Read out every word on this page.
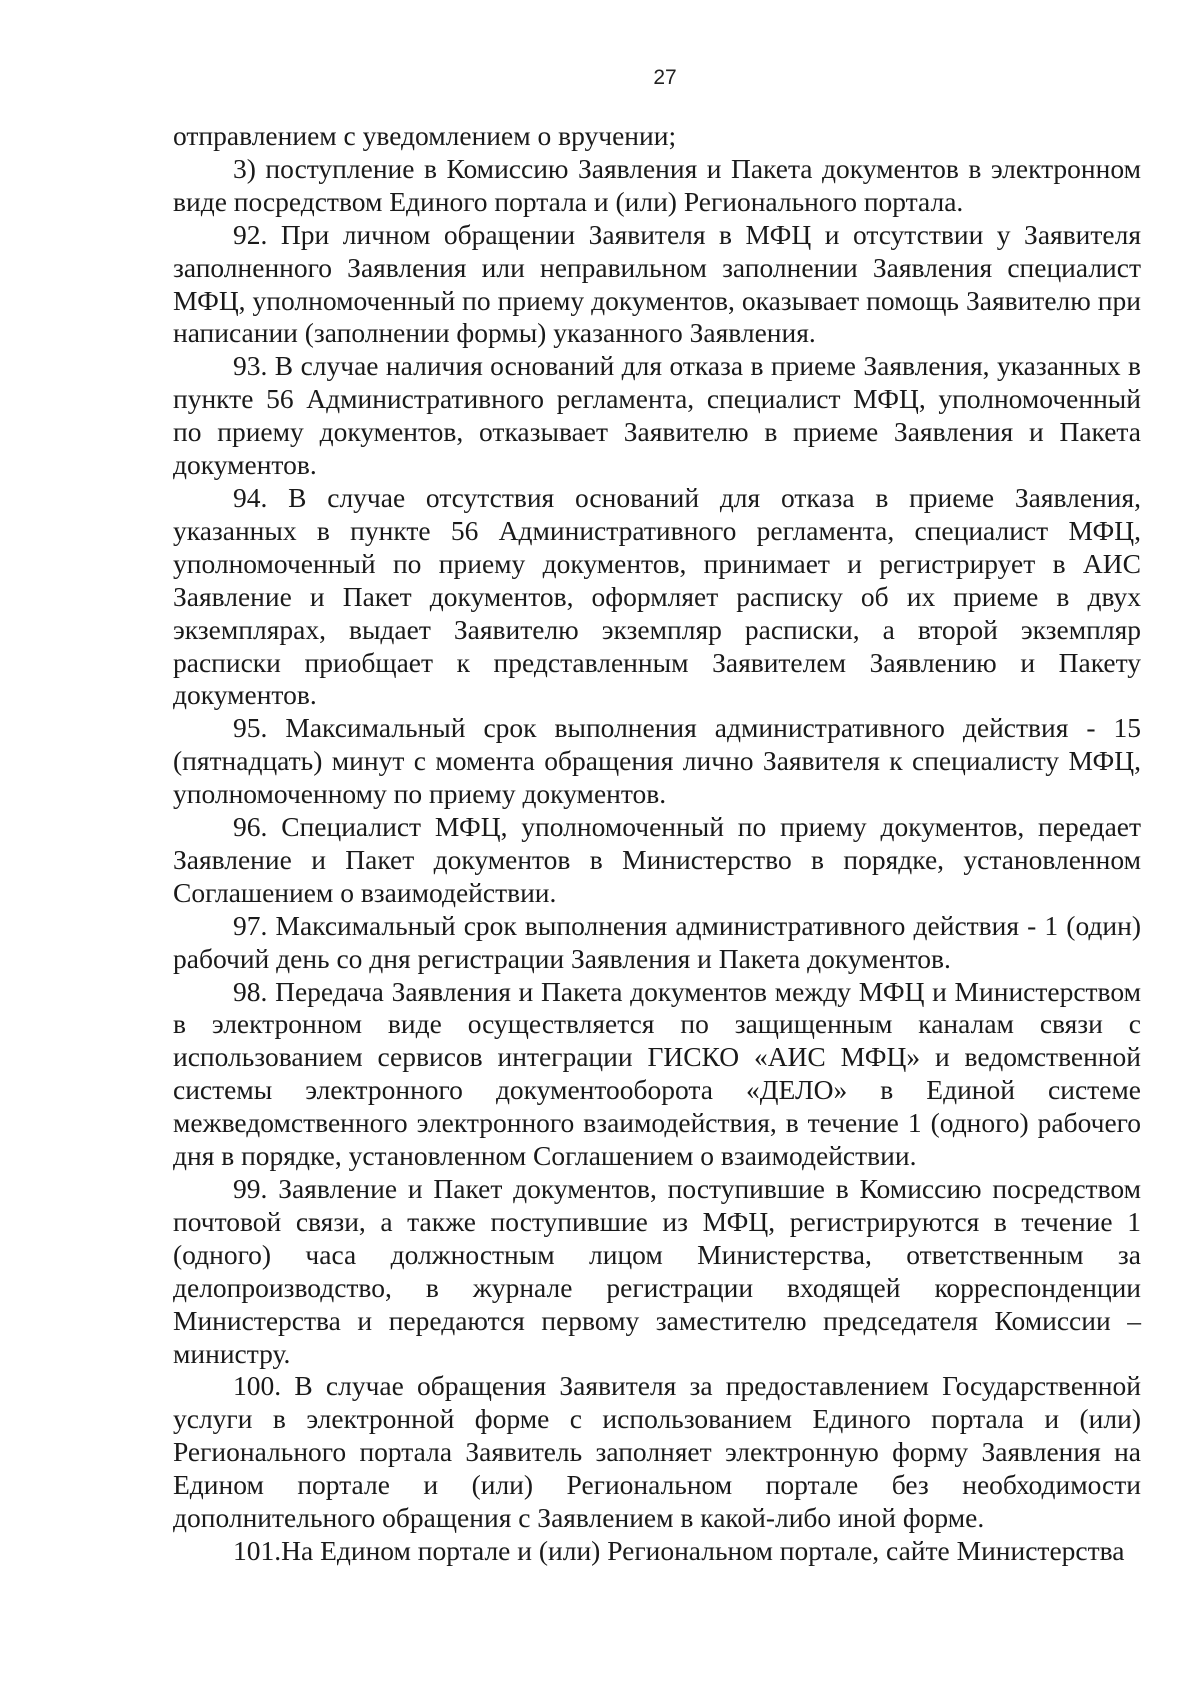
27

отправлением с уведомлением о вручении;

3) поступление в Комиссию Заявления и Пакета документов в электронном виде посредством Единого портала и (или) Регионального портала.

92. При личном обращении Заявителя в МФЦ и отсутствии у Заявителя заполненного Заявления или неправильном заполнении Заявления специалист МФЦ, уполномоченный по приему документов, оказывает помощь Заявителю при написании (заполнении формы) указанного Заявления.

93. В случае наличия оснований для отказа в приеме Заявления, указанных в пункте 56 Административного регламента, специалист МФЦ, уполномоченный по приему документов, отказывает Заявителю в приеме Заявления и Пакета документов.

94. В случае отсутствия оснований для отказа в приеме Заявления, указанных в пункте 56 Административного регламента, специалист МФЦ, уполномоченный по приему документов, принимает и регистрирует в АИС Заявление и Пакет документов, оформляет расписку об их приеме в двух экземплярах, выдает Заявителю экземпляр расписки, а второй экземпляр расписки приобщает к представленным Заявителем Заявлению и Пакету документов.

95. Максимальный срок выполнения административного действия - 15 (пятнадцать) минут с момента обращения лично Заявителя к специалисту МФЦ, уполномоченному по приему документов.

96. Специалист МФЦ, уполномоченный по приему документов, передает Заявление и Пакет документов в Министерство в порядке, установленном Соглашением о взаимодействии.

97. Максимальный срок выполнения административного действия - 1 (один) рабочий день со дня регистрации Заявления и Пакета документов.

98. Передача Заявления и Пакета документов между МФЦ и Министерством в электронном виде осуществляется по защищенным каналам связи с использованием сервисов интеграции ГИСКО «АИС МФЦ» и ведомственной системы электронного документооборота «ДЕЛО» в Единой системе межведомственного электронного взаимодействия, в течение 1 (одного) рабочего дня в порядке, установленном Соглашением о взаимодействии.

99. Заявление и Пакет документов, поступившие в Комиссию посредством почтовой связи, а также поступившие из МФЦ, регистрируются в течение 1 (одного) часа должностным лицом Министерства, ответственным за делопроизводство, в журнале регистрации входящей корреспонденции Министерства и передаются первому заместителю председателя Комиссии – министру.

100. В случае обращения Заявителя за предоставлением Государственной услуги в электронной форме с использованием Единого портала и (или) Регионального портала Заявитель заполняет электронную форму Заявления на Едином портале и (или) Региональном портале без необходимости дополнительного обращения с Заявлением в какой-либо иной форме.

101.На Едином портале и (или) Региональном портале, сайте Министерства
